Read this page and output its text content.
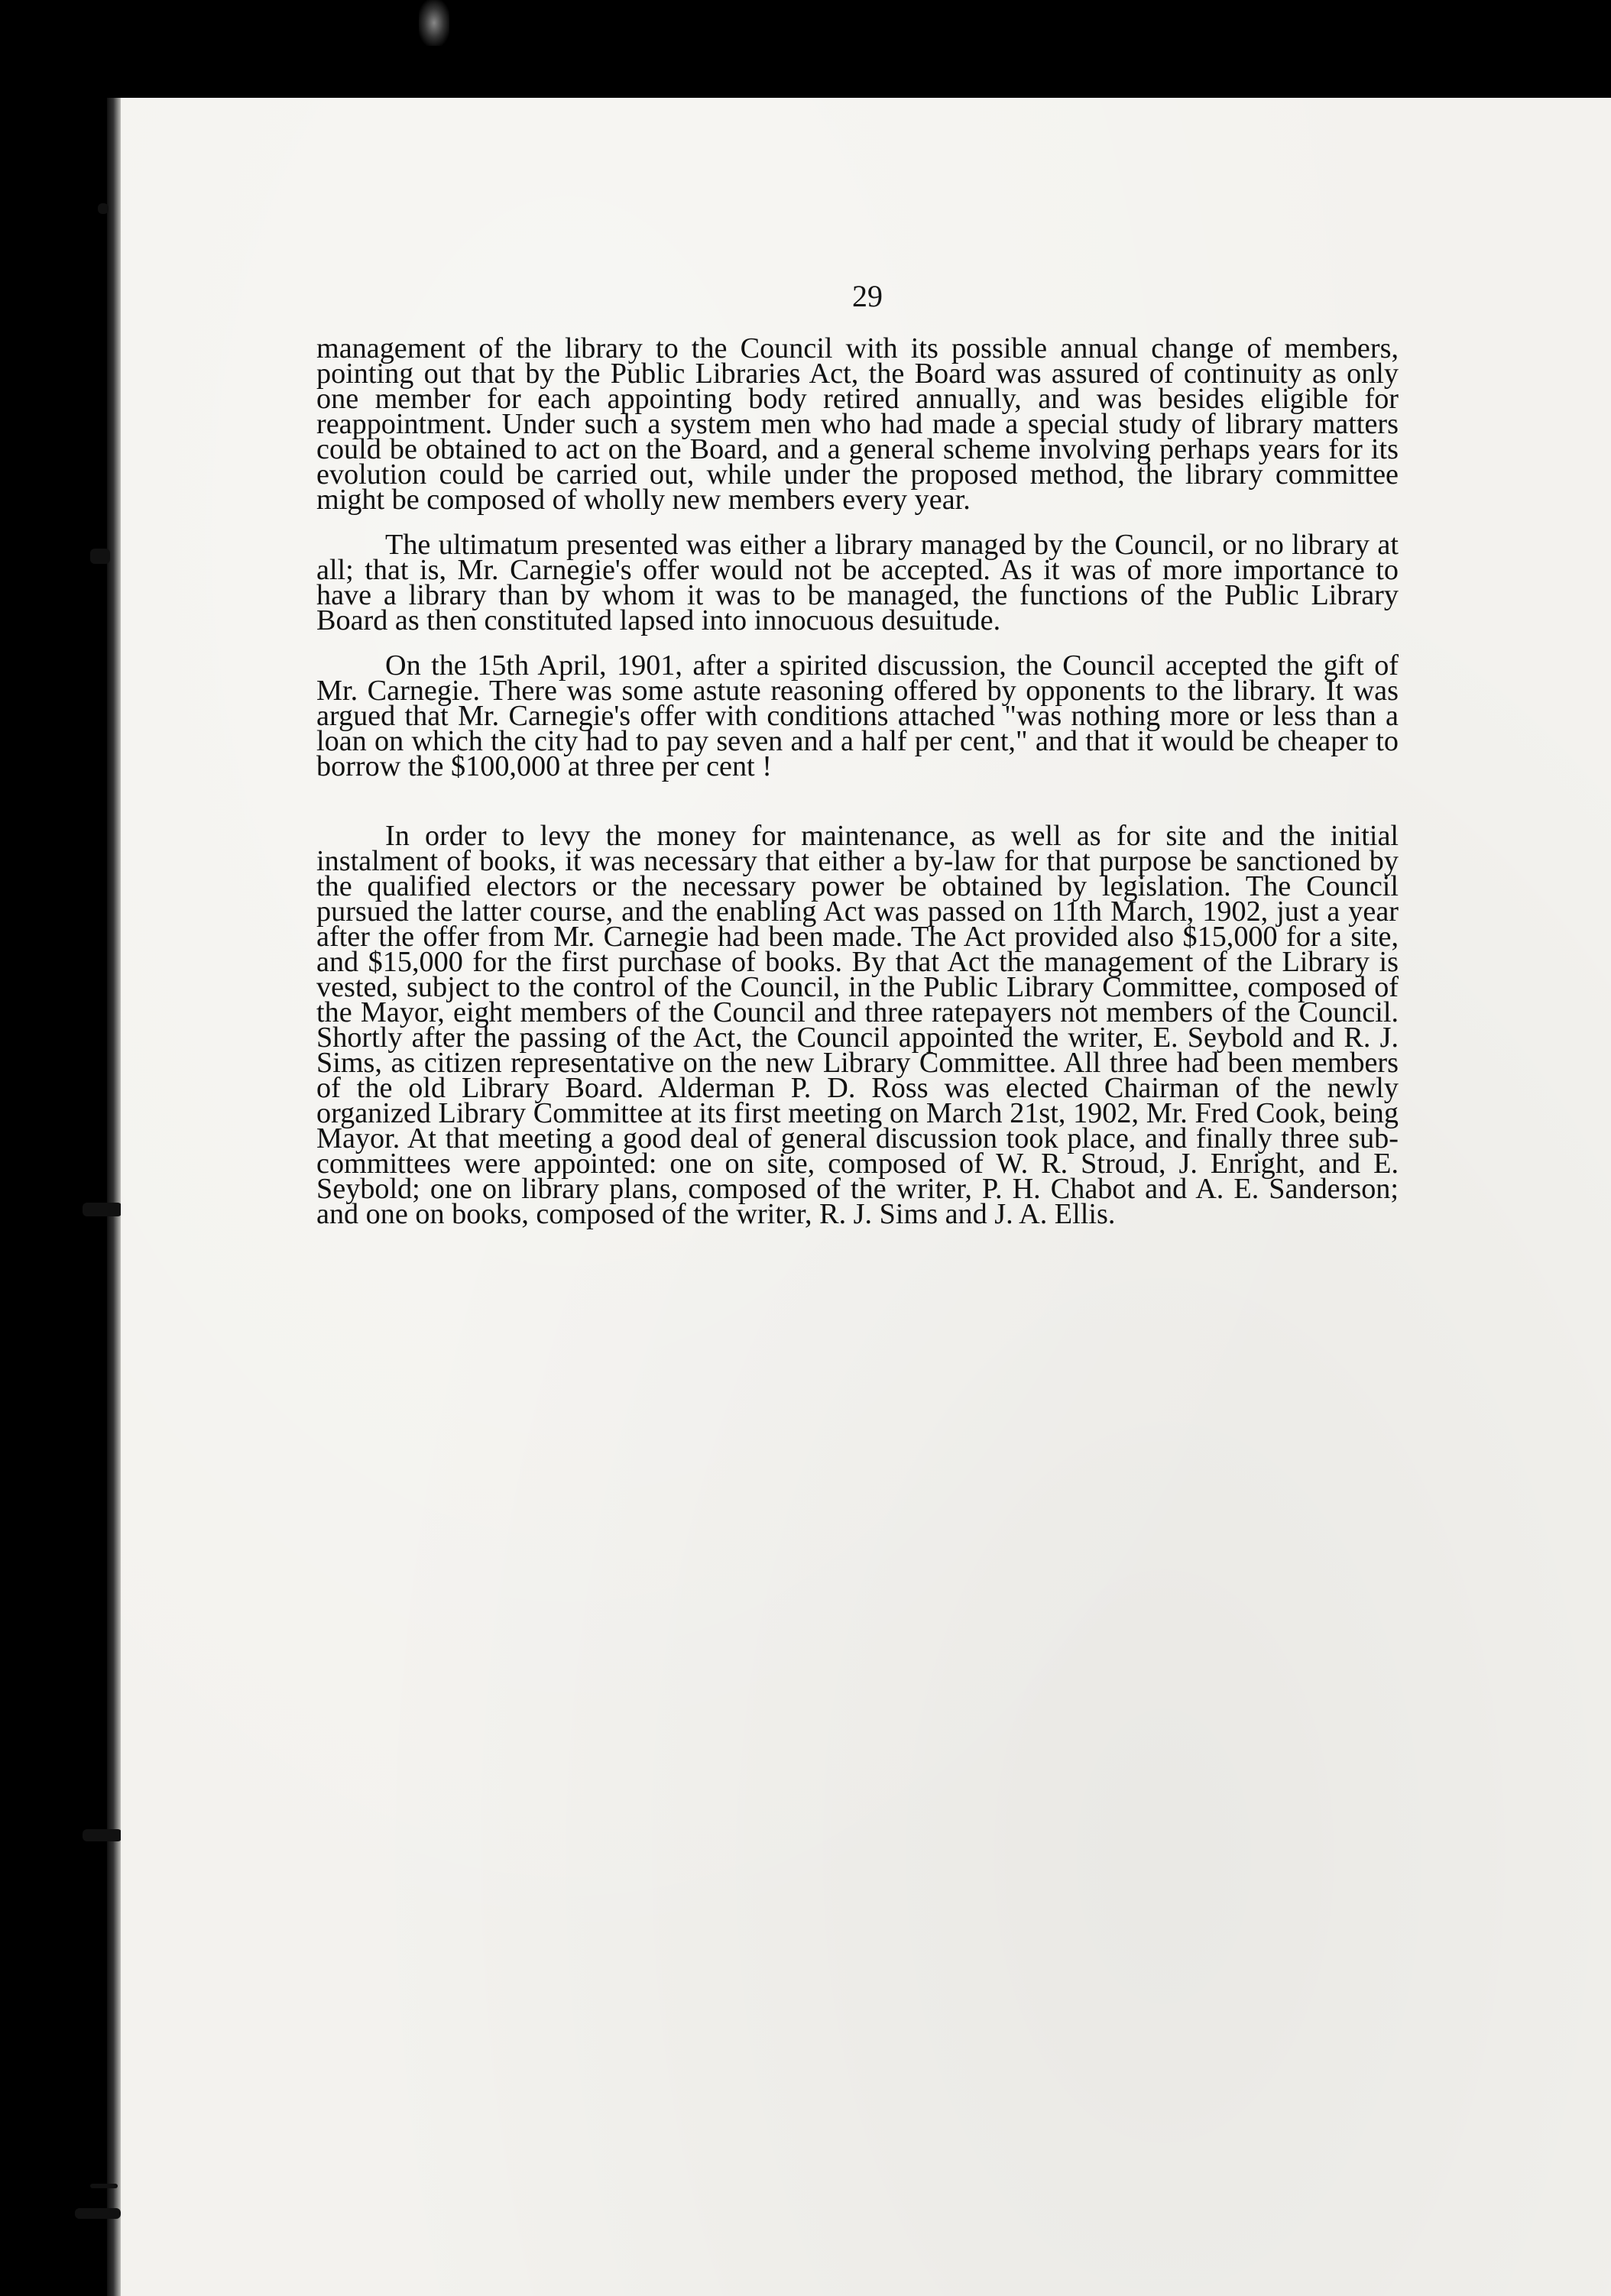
29

management of the library to the Council with its possible annual change of members, pointing out that by the Public Libraries Act, the Board was assured of continuity as only one member for each appointing body retired annually, and was besides eligible for reappointment. Under such a system men who had made a special study of library matters could be obtained to act on the Board, and a general scheme involving perhaps years for its evolution could be carried out, while under the proposed method, the library committee might be composed of wholly new members every year.

The ultimatum presented was either a library managed by the Council, or no library at all; that is, Mr. Carnegie's offer would not be accepted. As it was of more importance to have a library than by whom it was to be managed, the functions of the Public Library Board as then constituted lapsed into innocuous desuitude.

On the 15th April, 1901, after a spirited discussion, the Council accepted the gift of Mr. Carnegie. There was some astute reasoning offered by opponents to the library. It was argued that Mr. Carnegie's offer with conditions attached "was nothing more or less than a loan on which the city had to pay seven and a half per cent," and that it would be cheaper to borrow the $100,000 at three per cent !

In order to levy the money for maintenance, as well as for site and the initial instalment of books, it was necessary that either a by-law for that purpose be sanctioned by the qualified electors or the necessary power be obtained by legislation. The Council pursued the latter course, and the enabling Act was passed on 11th March, 1902, just a year after the offer from Mr. Carnegie had been made. The Act provided also $15,000 for a site, and $15,000 for the first purchase of books. By that Act the management of the Library is vested, subject to the control of the Council, in the Public Library Committee, composed of the Mayor, eight members of the Council and three ratepayers not members of the Council. Shortly after the passing of the Act, the Council appointed the writer, E. Seybold and R. J. Sims, as citizen representative on the new Library Committee. All three had been members of the old Library Board. Alderman P. D. Ross was elected Chairman of the newly organized Library Committee at its first meeting on March 21st, 1902, Mr. Fred Cook, being Mayor. At that meeting a good deal of general discussion took place, and finally three sub-committees were appointed: one on site, composed of W. R. Stroud, J. Enright, and E. Seybold; one on library plans, composed of the writer, P. H. Chabot and A. E. Sanderson; and one on books, composed of the writer, R. J. Sims and J. A. Ellis.
